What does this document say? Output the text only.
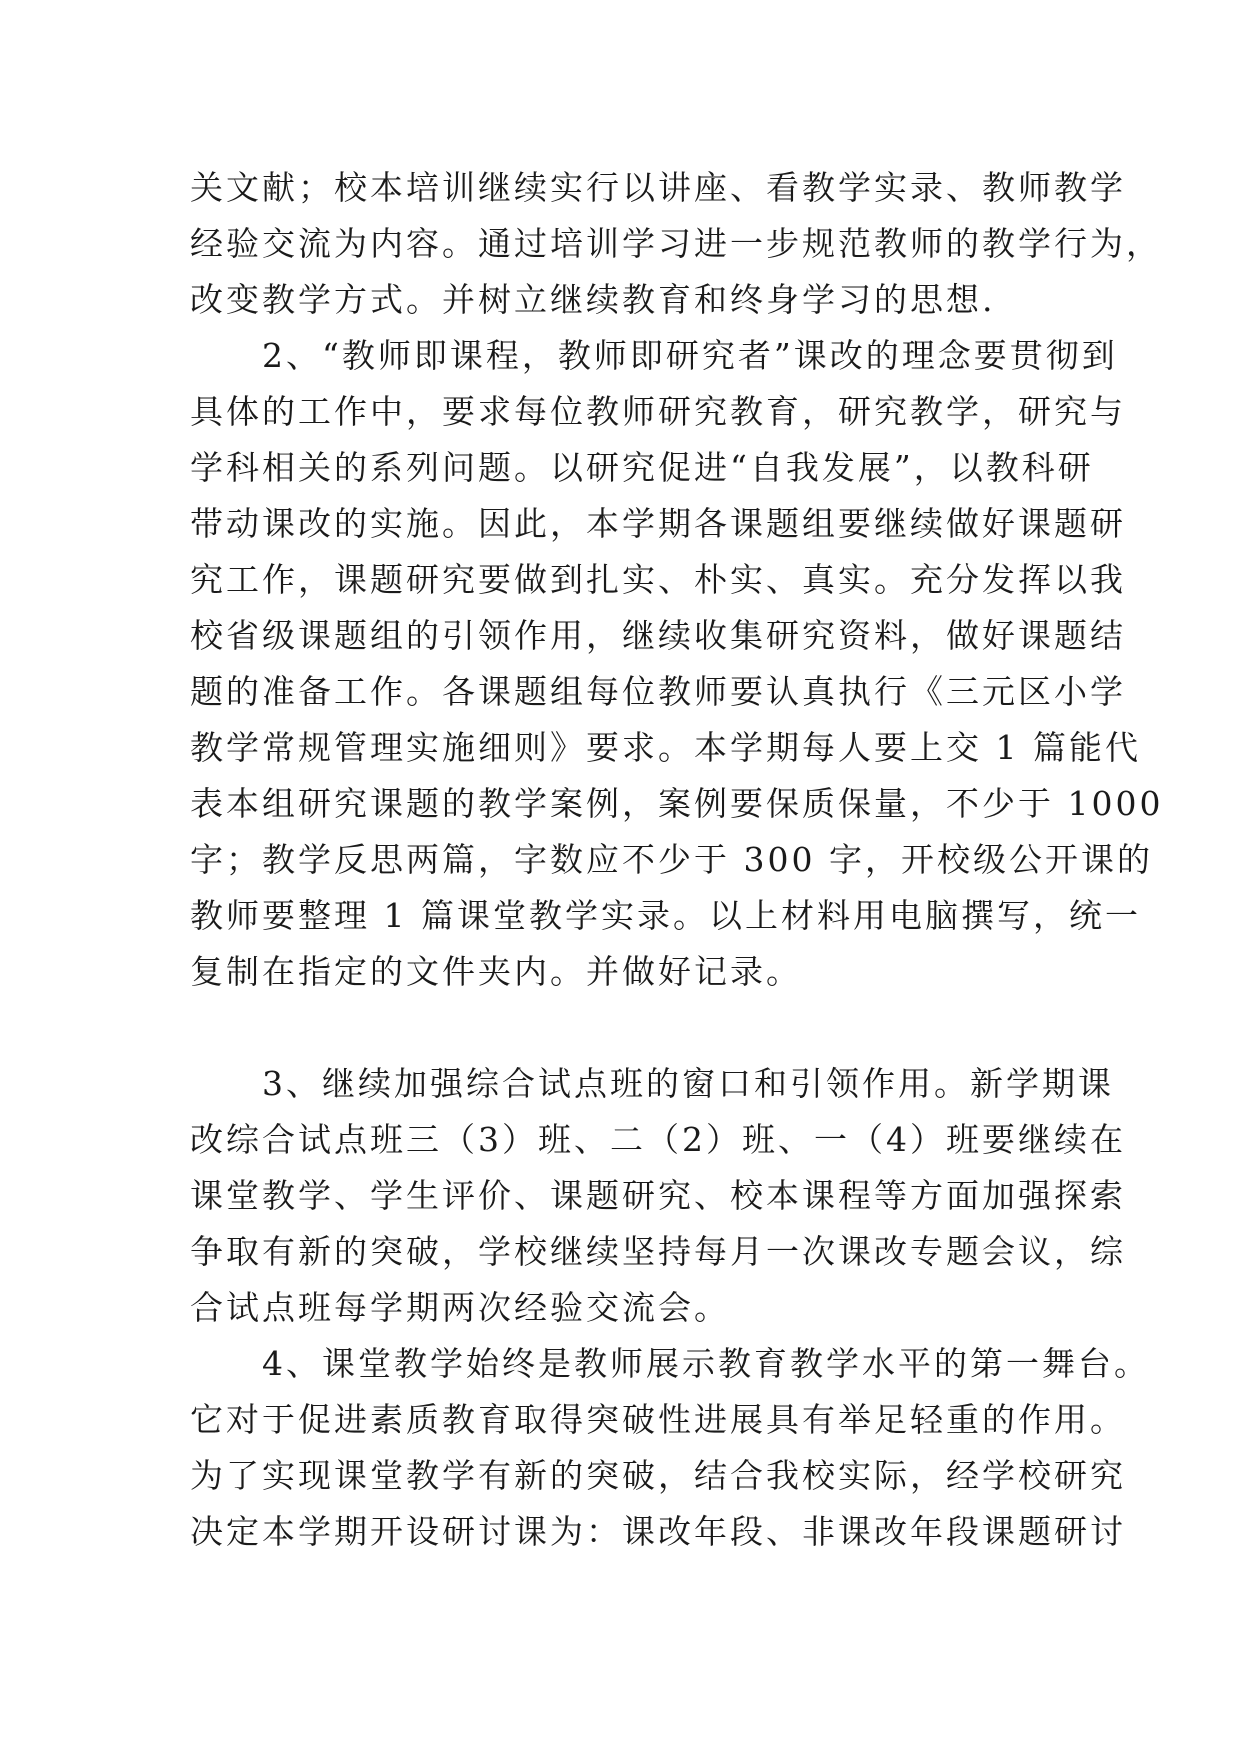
关文献；校本培训继续实行以讲座、看教学实录、教师教学
经验交流为内容。通过培训学习进一步规范教师的教学行为，
改变教学方式。并树立继续教育和终身学习的思想.
　　2、“教师即课程，教师即研究者”课改的理念要贯彻到
具体的工作中，要求每位教师研究教育，研究教学，研究与
学科相关的系列问题。以研究促进“自我发展”，以教科研
带动课改的实施。因此，本学期各课题组要继续做好课题研
究工作，课题研究要做到扎实、朴实、真实。充分发挥以我
校省级课题组的引领作用，继续收集研究资料，做好课题结
题的准备工作。各课题组每位教师要认真执行《三元区小学
教学常规管理实施细则》要求。本学期每人要上交 1 篇能代
表本组研究课题的教学案例，案例要保质保量，不少于 1000
字；教学反思两篇，字数应不少于 300 字，开校级公开课的
教师要整理 1 篇课堂教学实录。以上材料用电脑撰写，统一
复制在指定的文件夹内。并做好记录。
　　3、继续加强综合试点班的窗口和引领作用。新学期课
改综合试点班三（3）班、二（2）班、一（4）班要继续在
课堂教学、学生评价、课题研究、校本课程等方面加强探索
争取有新的突破，学校继续坚持每月一次课改专题会议，综
合试点班每学期两次经验交流会。
　　4、课堂教学始终是教师展示教育教学水平的第一舞台。
它对于促进素质教育取得突破性进展具有举足轻重的作用。
为了实现课堂教学有新的突破，结合我校实际，经学校研究
决定本学期开设研讨课为：课改年段、非课改年段课题研讨
